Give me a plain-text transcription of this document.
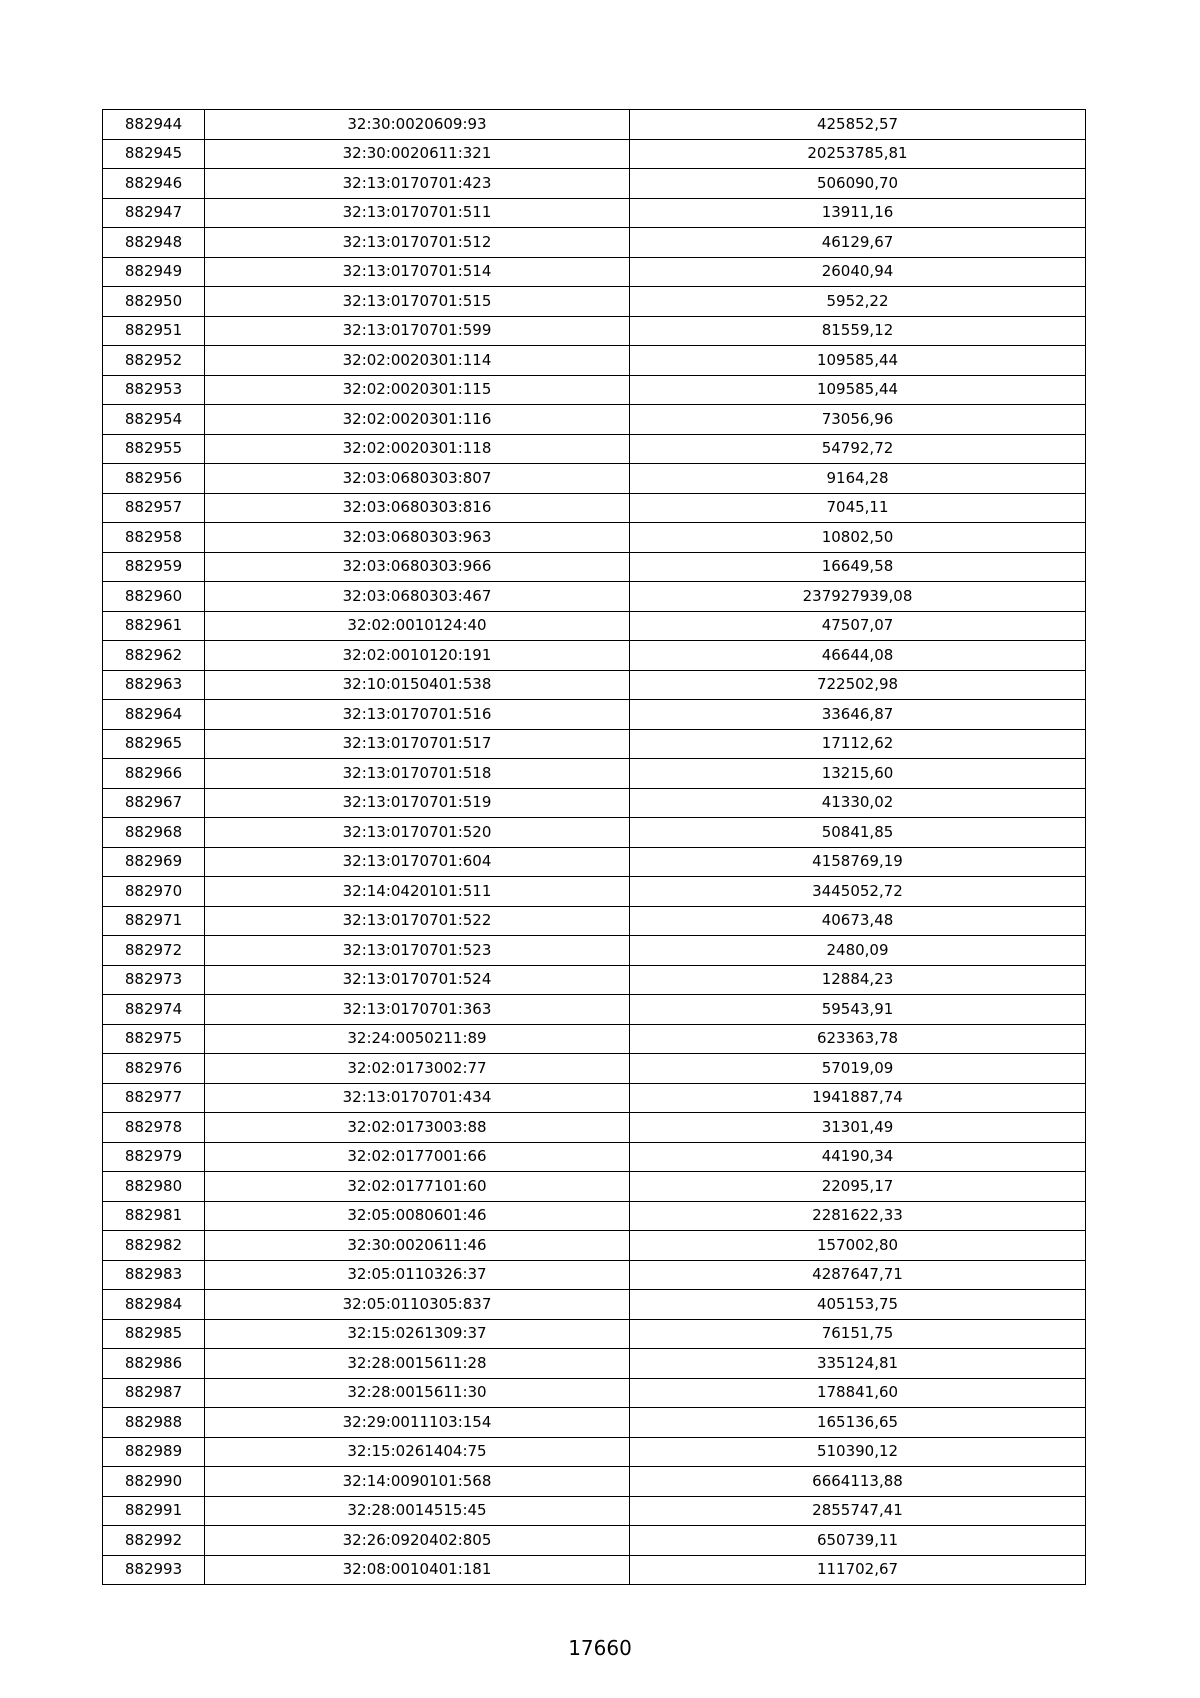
882944	32:30:0020609:93	425852,57
882945	32:30:0020611:321	20253785,81
882946	32:13:0170701:423	506090,70
882947	32:13:0170701:511	13911,16
882948	32:13:0170701:512	46129,67
882949	32:13:0170701:514	26040,94
882950	32:13:0170701:515	5952,22
882951	32:13:0170701:599	81559,12
882952	32:02:0020301:114	109585,44
882953	32:02:0020301:115	109585,44
882954	32:02:0020301:116	73056,96
882955	32:02:0020301:118	54792,72
882956	32:03:0680303:807	9164,28
882957	32:03:0680303:816	7045,11
882958	32:03:0680303:963	10802,50
882959	32:03:0680303:966	16649,58
882960	32:03:0680303:467	237927939,08
882961	32:02:0010124:40	47507,07
882962	32:02:0010120:191	46644,08
882963	32:10:0150401:538	722502,98
882964	32:13:0170701:516	33646,87
882965	32:13:0170701:517	17112,62
882966	32:13:0170701:518	13215,60
882967	32:13:0170701:519	41330,02
882968	32:13:0170701:520	50841,85
882969	32:13:0170701:604	4158769,19
882970	32:14:0420101:511	3445052,72
882971	32:13:0170701:522	40673,48
882972	32:13:0170701:523	2480,09
882973	32:13:0170701:524	12884,23
882974	32:13:0170701:363	59543,91
882975	32:24:0050211:89	623363,78
882976	32:02:0173002:77	57019,09
882977	32:13:0170701:434	1941887,74
882978	32:02:0173003:88	31301,49
882979	32:02:0177001:66	44190,34
882980	32:02:0177101:60	22095,17
882981	32:05:0080601:46	2281622,33
882982	32:30:0020611:46	157002,80
882983	32:05:0110326:37	4287647,71
882984	32:05:0110305:837	405153,75
882985	32:15:0261309:37	76151,75
882986	32:28:0015611:28	335124,81
882987	32:28:0015611:30	178841,60
882988	32:29:0011103:154	165136,65
882989	32:15:0261404:75	510390,12
882990	32:14:0090101:568	6664113,88
882991	32:28:0014515:45	2855747,41
882992	32:26:0920402:805	650739,11
882993	32:08:0010401:181	111702,67
17660
